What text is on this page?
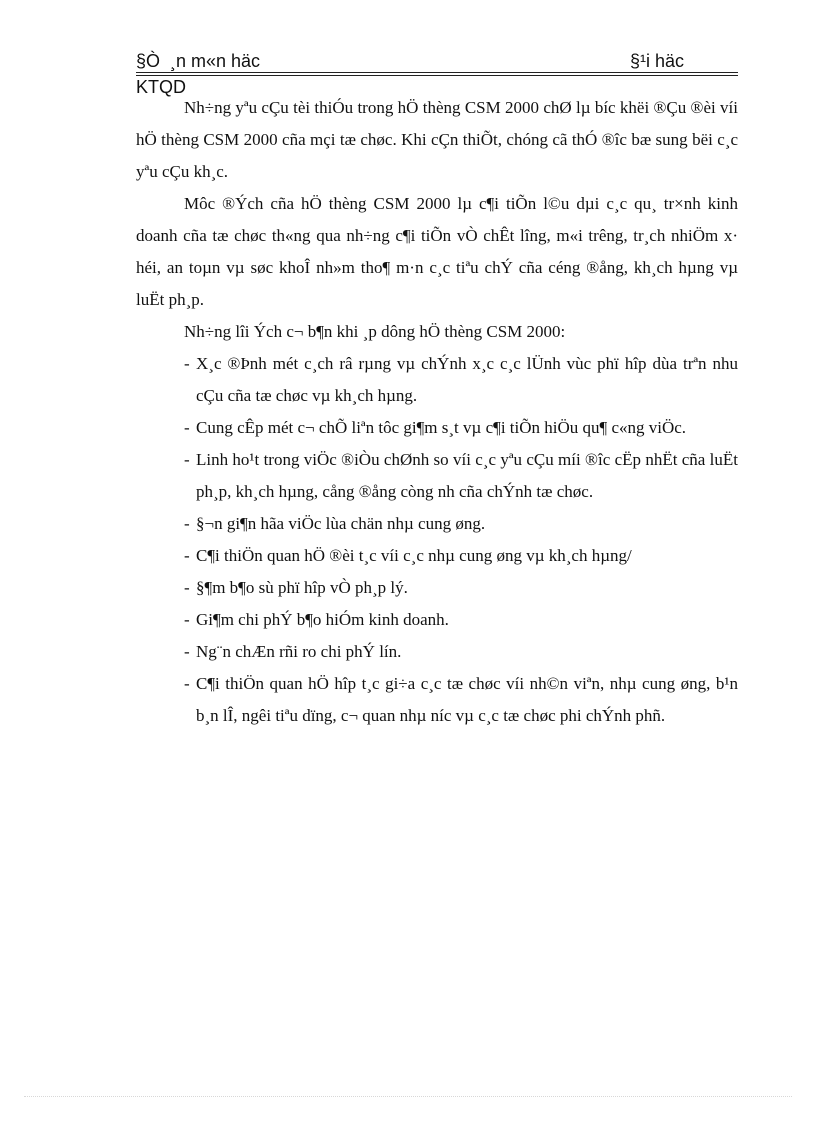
§Ò  ¸n m«n häc	§¹i häc
KTQD

Nh÷ng yªu cÇu tèi thiÓu trong hÖ thèng CSM 2000 chØ lµ bíc khëi ®Çu ®èi víi hÖ thèng CSM 2000 cña mçi tæ chøc. Khi cÇn thiÕt, chóng cã thÓ ®îc bæ sung bëi c¸c yªu cÇu kh¸c.

Môc ®Ých cña hÖ thèng CSM 2000 lµ c¶i tiÕn l©u dµi c¸c qu¸ tr×nh kinh doanh cña tæ chøc th«ng qua nh÷ng c¶i tiÕn vÒ chÊt lîng, m«i trêng, tr¸ch nhiÖm x· héi, an toµn vµ søc khoÎ nh»m tho¶ m·n c¸c tiªu chÝ cña céng ®ång, kh¸ch hµng vµ luËt ph¸p.

Nh÷ng lîi Ých c¬ b¶n khi ¸p dông hÖ thèng CSM 2000:

- X¸c ®Þnh mét c¸ch râ rµng vµ chÝnh x¸c c¸c lÜnh vùc phï hîp dùa trªn nhu cÇu cña tæ chøc vµ kh¸ch hµng.
- Cung cÊp mét c¬ chÕ liªn tôc gi¶m s¸t vµ c¶i tiÕn hiÖu qu¶ c«ng viÖc.
- Linh ho¹t trong viÖc ®iÒu chØnh so víi c¸c yªu cÇu míi ®îc cËp nhËt cña luËt ph¸p, kh¸ch hµng, cång ®ång còng nh cña chÝnh tæ chøc.
- §¬n gi¶n hãa viÖc lùa chän nhµ cung øng.
- C¶i thiÖn quan hÖ ®èi t¸c víi c¸c nhµ cung øng vµ kh¸ch hµng/
- §¶m b¶o sù phï hîp vÒ ph¸p lý.
- Gi¶m chi phÝ b¶o hiÓm kinh doanh.
- Ng¨n chÆn rñi ro chi phÝ lín.
- C¶i thiÖn quan hÖ hîp t¸c gi÷a c¸c tæ chøc víi nh©n viªn, nhµ cung øng, b¹n b¸n lÎ, ngêi tiªu dïng, c¬ quan nhµ níc vµ c¸c tæ chøc phi chÝnh phñ.
